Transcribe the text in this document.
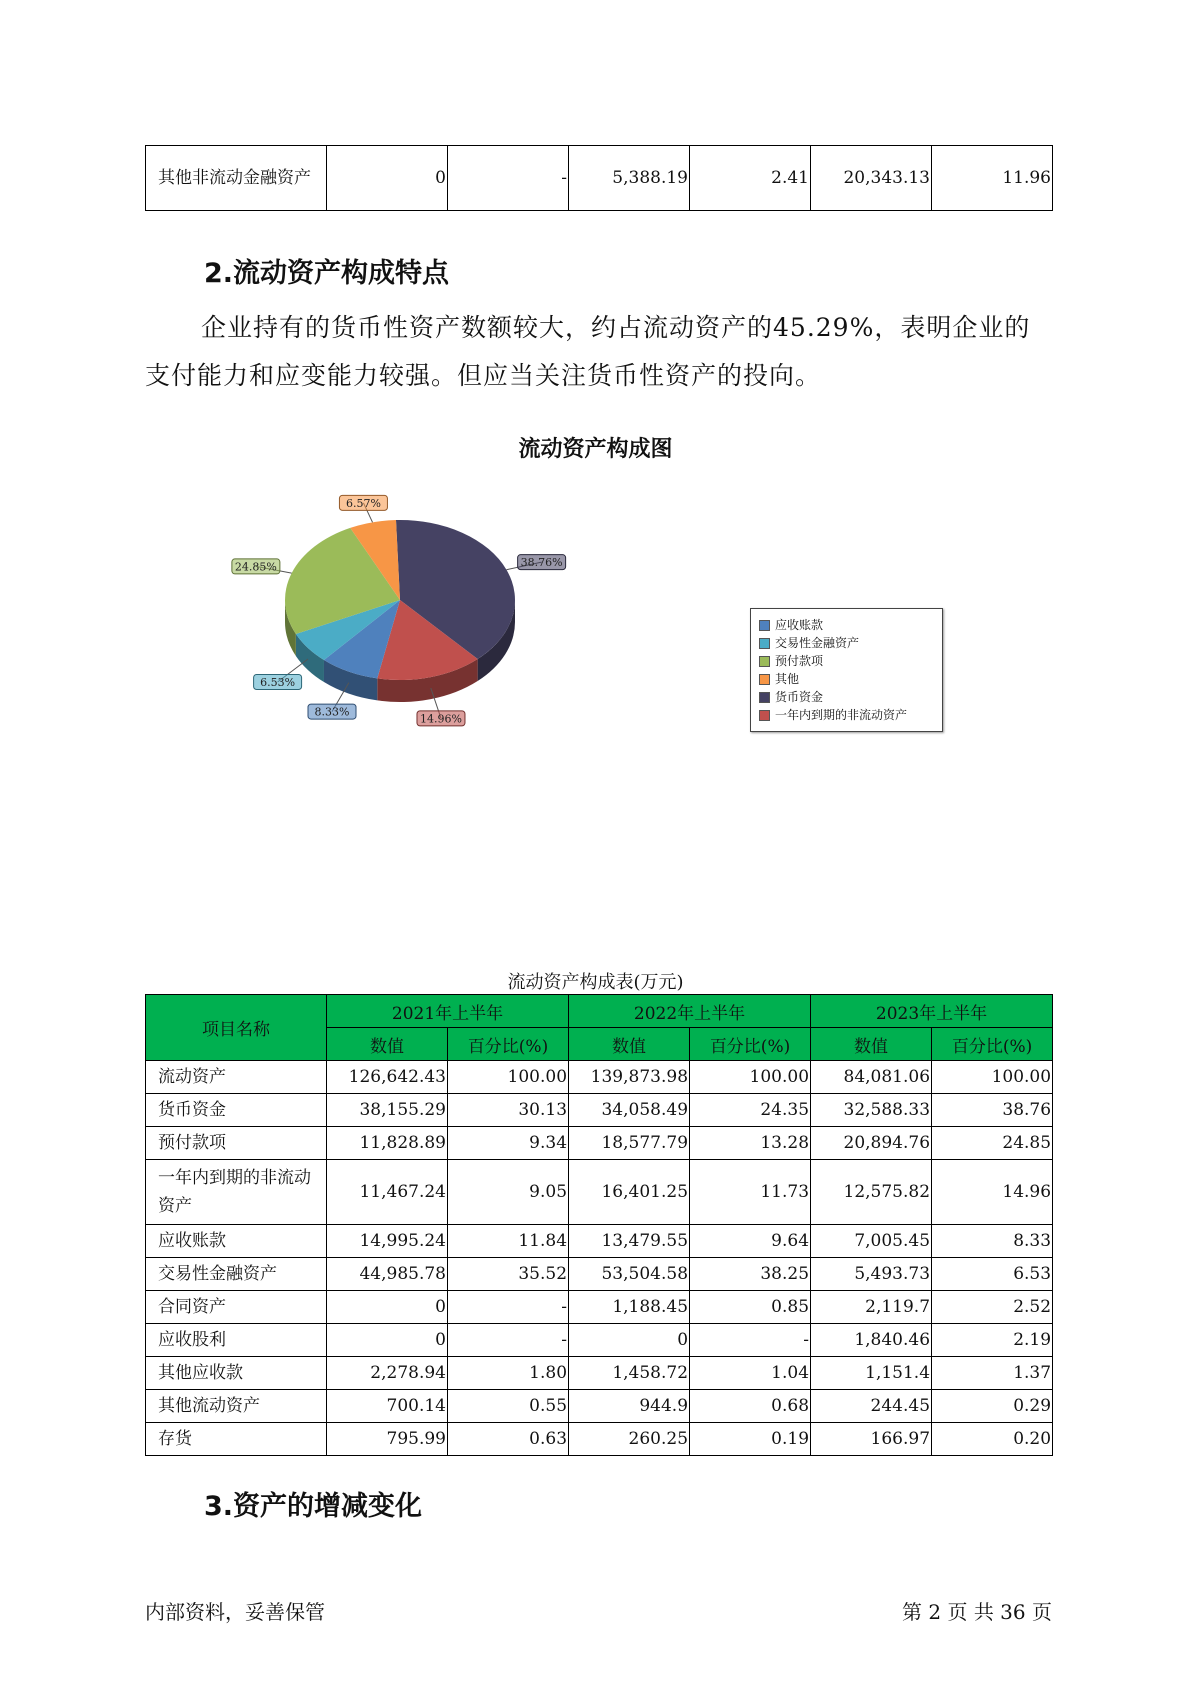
其他非流动金融资产	0	-	5,388.19	2.41	20,343.13	11.96
2.流动资产构成特点

企业持有的货币性资产数额较大，约占流动资产的45.29%，表明企业的支付能力和应变能力较强。但应当关注货币性资产的投向。

流动资产构成图
38.76%
14.96%
8.33%
6.53%
24.85%
6.57%
应收账款
交易性金融资产
预付款项
其他
货币资金
一年内到期的非流动资产
流动资产构成表(万元)
项目名称	2021年上半年		2022年上半年		2023年上半年	
	数值	百分比(%)	数值	百分比(%)	数值	百分比(%)
流动资产	126,642.43	100.00	139,873.98	100.00	84,081.06	100.00
货币资金	38,155.29	30.13	34,058.49	24.35	32,588.33	38.76
预付款项	11,828.89	9.34	18,577.79	13.28	20,894.76	24.85
一年内到期的非流动资产	11,467.24	9.05	16,401.25	11.73	12,575.82	14.96
应收账款	14,995.24	11.84	13,479.55	9.64	7,005.45	8.33
交易性金融资产	44,985.78	35.52	53,504.58	38.25	5,493.73	6.53
合同资产	0	-	1,188.45	0.85	2,119.7	2.52
应收股利	0	-	0	-	1,840.46	2.19
其他应收款	2,278.94	1.80	1,458.72	1.04	1,151.4	1.37
其他流动资产	700.14	0.55	944.9	0.68	244.45	0.29
存货	795.99	0.63	260.25	0.19	166.97	0.20
3.资产的增减变化
内部资料，妥善保管	第 2 页 共 36 页
